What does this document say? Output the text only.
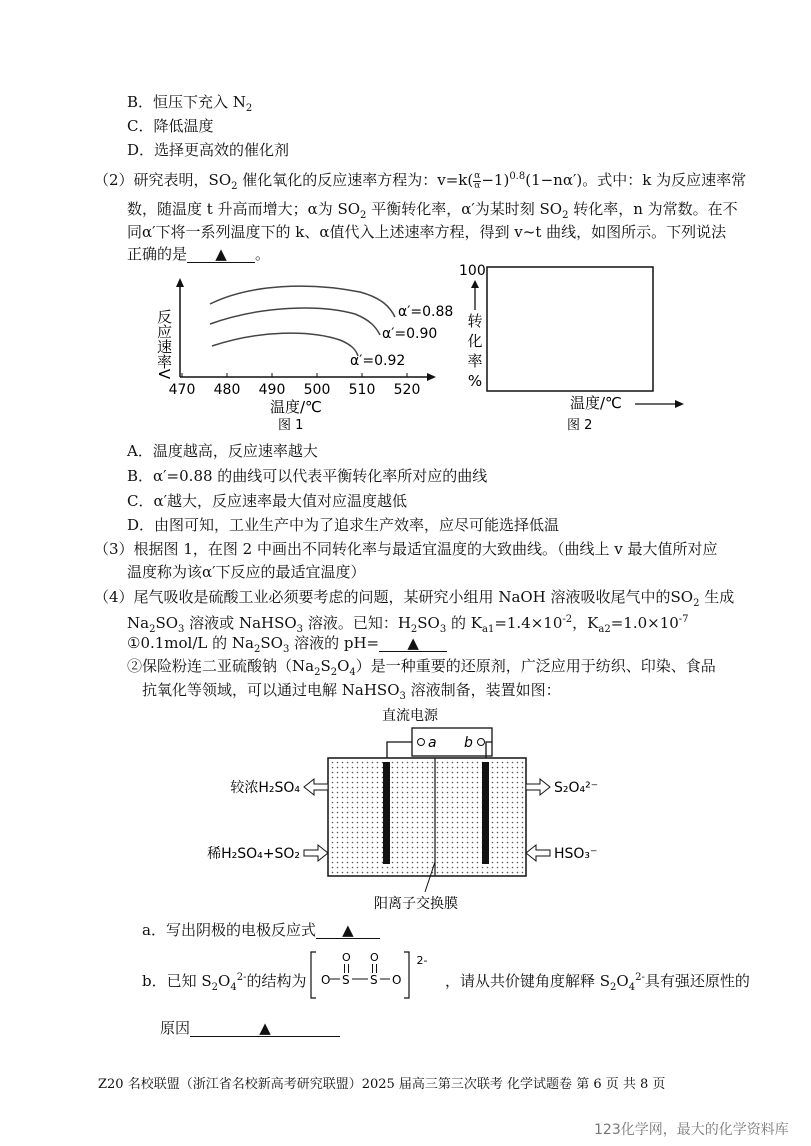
B．恒压下充入 $N_2$
C．降低温度
D．选择更高效的催化剂
（2）研究表明，$SO_2$ 催化氧化的反应速率方程为：$v=k( \frac{\alpha}{\alpha} -1)^{0.8}(1-n\alpha')$。式中：k 为反应速率常
数，随温度 t 升高而增大；α为 $SO_2$ 平衡转化率，α′为某时刻 $SO_2$ 转化率，n 为常数。在不
同α′下将一系列温度下的 k、α值代入上述速率方程，得到 v~t 曲线，如图所示。下列说法
正确的是 ▲ 。
反应速率V
470 480 490 500 510 520
α′=0.88
α′=0.90
α′=0.92
温度/℃
图 1
100
转
化
率
%
温度/℃
图 2
A．温度越高，反应速率越大
B．α′=0.88 的曲线可以代表平衡转化率所对应的曲线
C．α′越大，反应速率最大值对应温度越低
D．由图可知，工业生产中为了追求生产效率，应尽可能选择低温
（3）根据图 1，在图 2 中画出不同转化率与最适宜温度的大致曲线。（曲线上 v 最大值所对应
温度称为该α′下反应的最适宜温度）
（4）尾气吸收是硫酸工业必须要考虑的问题，某研究小组用 NaOH 溶液吸收尾气中的$SO_2$ 生成
$Na_2SO_3$ 溶液或 NaHSO$_3$ 溶液。已知：$H_2SO_3$ 的 $K_{a1}=1.4\times 10^{-2}$，$K_{a2}=1.0\times 10^{-7}$
①0.1mol/L 的 $Na_2SO_3$ 溶液的 pH= ▲
②保险粉连二亚硫酸钠$(Na_2S_2O_4)$是一种重要的还原剂，广泛应用于纺织、印染、食品
抗氧化等领域，可以通过电解 NaHSO$_3$ 溶液制备，装置如图：
直流电源
a b
较浓H₂SO₄
稀H₂SO₄+SO₂
S₂O₄²⁻
HSO₃⁻
阳离子交换膜
a．写出阴极的电极反应式 ▲
b．已知 $S_2O_4^{2-}$的结构为
2-
O S
O
S
O
O	，请从共价键角度解释 $S_2O_4^{2-}$具有强还原性的
原因	▲
Z20 名校联盟（浙江省名校新高考研究联盟）2025 届高三第三次联考 化学试题卷 第 6 页 共 8 页
123化学网，最大的化学资料库
